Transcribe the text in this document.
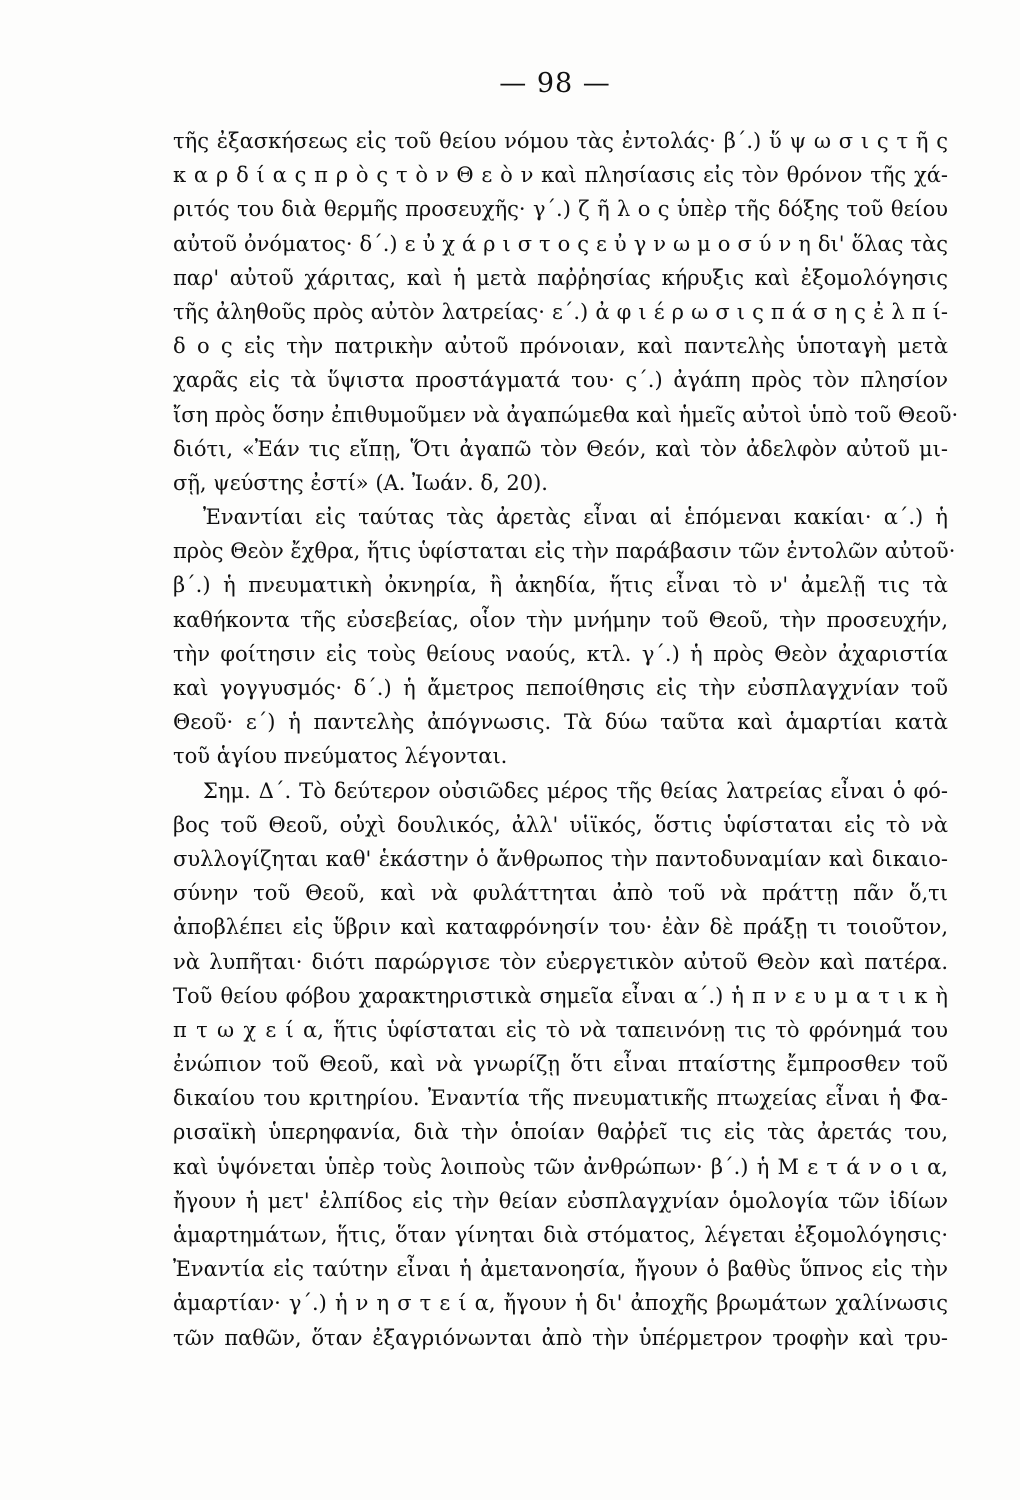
— 98 —
τῆς ἐξασκήσεως εἰς τοῦ θείου νόμου τὰς ἐντολάς· β΄.) ὕ ψ ω σ ι ς τ ῆ ς
κ α ρ δ ί α ς π ρ ὸ ς τ ὸ ν Θ ε ὸ ν καὶ πλησίασις εἰς τὸν θρόνον τῆς χά-
ριτός του διὰ θερμῆς προσευχῆς· γ΄.) ζ ῆ λ ο ς ὑπὲρ τῆς δόξης τοῦ θείου
αὐτοῦ ὀνόματος· δ΄.) ε ὐ χ ά ρ ι σ τ ο ς ε ὐ γ ν ω μ ο σ ύ ν η δι' ὅλας τὰς
παρ' αὐτοῦ χάριτας, καὶ ἡ μετὰ παῤῥησίας κήρυξις καὶ ἐξομολόγησις
τῆς ἀληθοῦς πρὸς αὐτὸν λατρείας· ε΄.) ἀ φ ι έ ρ ω σ ι ς π ά σ η ς ἐ λ π ί-
δ ο ς εἰς τὴν πατρικὴν αὐτοῦ πρόνοιαν, καὶ παντελὴς ὑποταγὴ μετὰ
χαρᾶς εἰς τὰ ὕψιστα προστάγματά του· ς΄.) ἀγάπη πρὸς τὸν πλησίον
ἴση πρὸς ὅσην ἐπιθυμοῦμεν νὰ ἀγαπώμεθα καὶ ἡμεῖς αὐτοὶ ὑπὸ τοῦ Θεοῦ·
διότι, «Ἐάν τις εἴπῃ, Ὅτι ἀγαπῶ τὸν Θεόν, καὶ τὸν ἀδελφὸν αὐτοῦ μι-
σῇ, ψεύστης ἐστί» (Α. Ἰωάν. δ, 20).
Ἐναντίαι εἰς ταύτας τὰς ἀρετὰς εἶναι αἱ ἑπόμεναι κακίαι· α΄.) ἡ
πρὸς Θεὸν ἔχθρα, ἥτις ὑφίσταται εἰς τὴν παράβασιν τῶν ἐντολῶν αὐτοῦ·
β΄.) ἡ πνευματικὴ ὀκνηρία, ἢ ἀκηδία, ἥτις εἶναι τὸ ν' ἀμελῇ τις τὰ
καθήκοντα τῆς εὐσεβείας, οἷον τὴν μνήμην τοῦ Θεοῦ, τὴν προσευχήν,
τὴν φοίτησιν εἰς τοὺς θείους ναούς, κτλ. γ΄.) ἡ πρὸς Θεὸν ἀχαριστία
καὶ γογγυσμός· δ΄.) ἡ ἄμετρος πεποίθησις εἰς τὴν εὐσπλαγχνίαν τοῦ
Θεοῦ· ε΄) ἡ παντελὴς ἀπόγνωσις. Τὰ δύω ταῦτα καὶ ἁμαρτίαι κατὰ
τοῦ ἁγίου πνεύματος λέγονται.
Σημ. Δ΄. Τὸ δεύτερον οὐσιῶδες μέρος τῆς θείας λατρείας εἶναι ὁ φό-
βος τοῦ Θεοῦ, οὐχὶ δουλικός, ἀλλ' υἱϊκός, ὅστις ὑφίσταται εἰς τὸ νὰ
συλλογίζηται καθ' ἑκάστην ὁ ἄνθρωπος τὴν παντοδυναμίαν καὶ δικαιο-
σύνην τοῦ Θεοῦ, καὶ νὰ φυλάττηται ἀπὸ τοῦ νὰ πράττῃ πᾶν ὅ,τι
ἀποβλέπει εἰς ὕβριν καὶ καταφρόνησίν του· ἐὰν δὲ πράξῃ τι τοιοῦτον,
νὰ λυπῆται· διότι παρώργισε τὸν εὐεργετικὸν αὐτοῦ Θεὸν καὶ πατέρα.
Τοῦ θείου φόβου χαρακτηριστικὰ σημεῖα εἶναι α΄.) ἡ π ν ε υ μ α τ ι κ ὴ
π τ ω χ ε ί α, ἥτις ὑφίσταται εἰς τὸ νὰ ταπεινόνῃ τις τὸ φρόνημά του
ἐνώπιον τοῦ Θεοῦ, καὶ νὰ γνωρίζῃ ὅτι εἶναι πταίστης ἔμπροσθεν τοῦ
δικαίου του κριτηρίου. Ἐναντία τῆς πνευματικῆς πτωχείας εἶναι ἡ Φα-
ρισαϊκὴ ὑπερηφανία, διὰ τὴν ὁποίαν θαῤῥεῖ τις εἰς τὰς ἀρετάς του,
καὶ ὑψόνεται ὑπὲρ τοὺς λοιποὺς τῶν ἀνθρώπων· β΄.) ἡ Μ ε τ ά ν ο ι α,
ἤγουν ἡ μετ' ἐλπίδος εἰς τὴν θείαν εὐσπλαγχνίαν ὁμολογία τῶν ἰδίων
ἁμαρτημάτων, ἥτις, ὅταν γίνηται διὰ στόματος, λέγεται ἐξομολόγησις·
Ἐναντία εἰς ταύτην εἶναι ἡ ἀμετανοησία, ἤγουν ὁ βαθὺς ὕπνος εἰς τὴν
ἁμαρτίαν· γ΄.) ἡ ν η σ τ ε ί α, ἤγουν ἡ δι' ἀποχῆς βρωμάτων χαλίνωσις
τῶν παθῶν, ὅταν ἐξαγριόνωνται ἀπὸ τὴν ὑπέρμετρον τροφὴν καὶ τρυ-
